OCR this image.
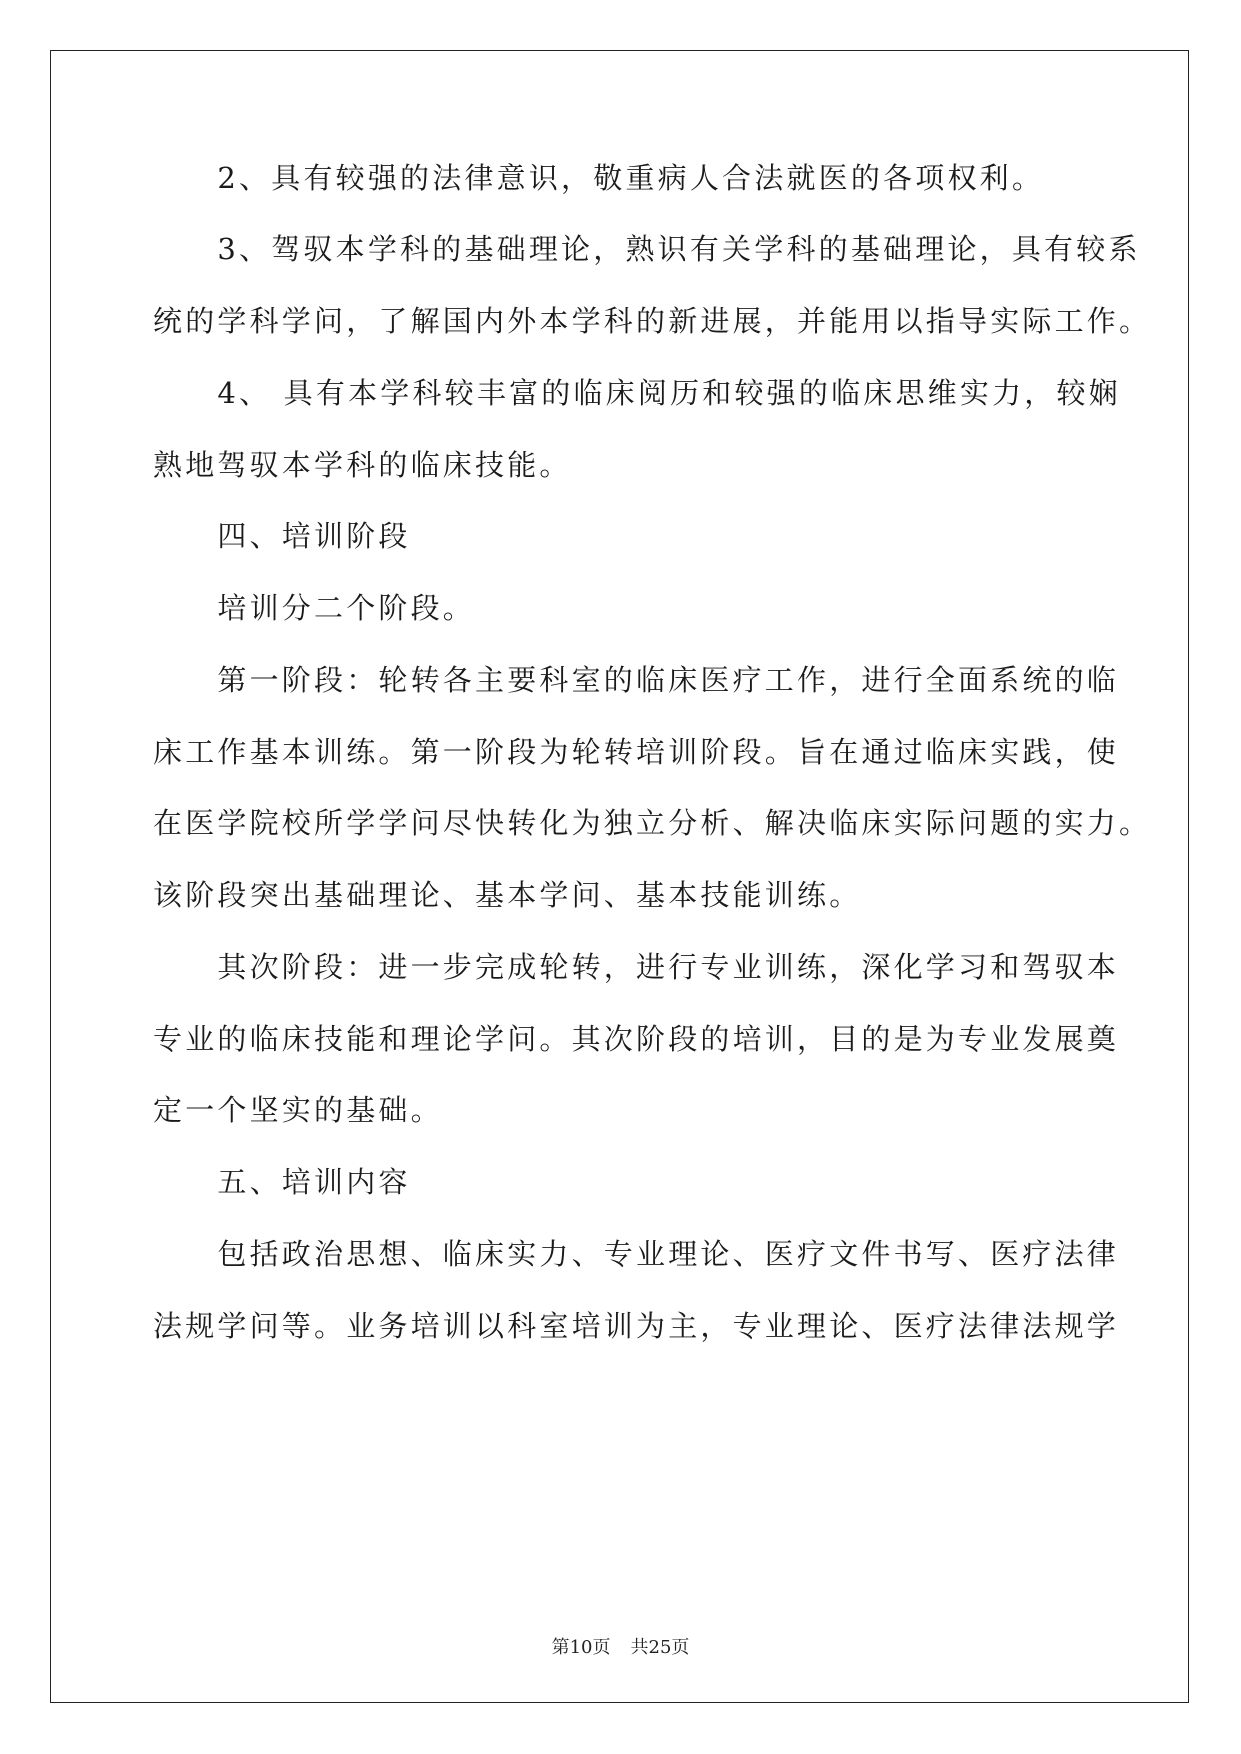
　　2、具有较强的法律意识，敬重病人合法就医的各项权利。
　　3、驾驭本学科的基础理论，熟识有关学科的基础理论，具有较系
统的学科学问，了解国内外本学科的新进展，并能用以指导实际工作。
　　4、 具有本学科较丰富的临床阅历和较强的临床思维实力，较娴
熟地驾驭本学科的临床技能。
　　四、培训阶段
　　培训分二个阶段。
　　第一阶段：轮转各主要科室的临床医疗工作，进行全面系统的临
床工作基本训练。第一阶段为轮转培训阶段。旨在通过临床实践，使
在医学院校所学学问尽快转化为独立分析、解决临床实际问题的实力。
该阶段突出基础理论、基本学问、基本技能训练。
　　其次阶段：进一步完成轮转，进行专业训练，深化学习和驾驭本
专业的临床技能和理论学问。其次阶段的培训，目的是为专业发展奠
定一个坚实的基础。
　　五、培训内容
　　包括政治思想、临床实力、专业理论、医疗文件书写、医疗法律
法规学问等。业务培训以科室培训为主，专业理论、医疗法律法规学
第10页 共25页
